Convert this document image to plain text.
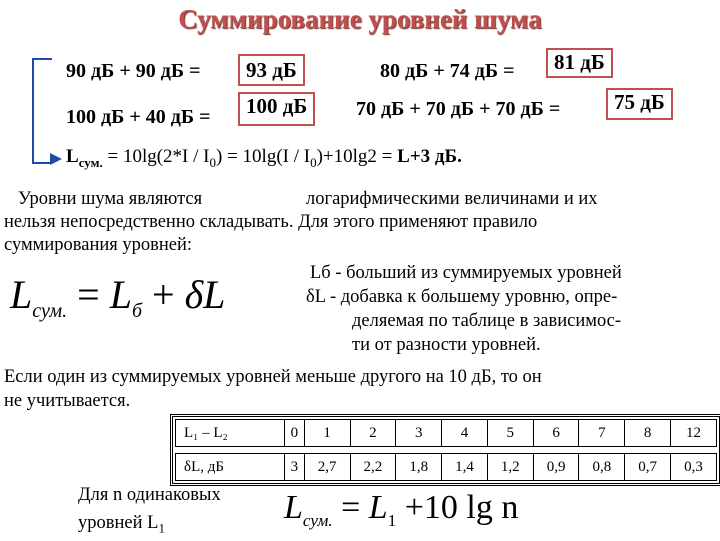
Суммирование уровней шума
90 дБ + 90 дБ =	93 дБ
100 дБ + 40 дБ =	100 дБ
80 дБ + 74 дБ =	81 дБ
70 дБ + 70 дБ + 70 дБ =	75 дБ
$L_{сум.} = 10\lg(2*I / I_0) = 10\lg(I / I_0)+10\lg 2 = L+3$ дБ.
Уровни шума являются	логарифмическими величинами и их
нельзя непосредственно складывать. Для этого применяют правило
суммирования уровней:
$L_{сум.} = L_б + \delta L$	Lб - больший из суммируемых уровней
δL - добавка к большему уровню, опре-
деляемая по таблице в зависимос-
ти от разности уровней.
Если один из суммируемых уровней меньше другого на 10 дБ, то он
не учитывается.
L₁ – L₂	0	1	2	3	4	5	6	7	8	12

δL, дБ	3	2,7	2,2	1,8	1,4	1,2	0,9	0,8	0,7	0,3
Для n одинаковых
уровней $L_1$
$L_{сум.} = L_1 +10$ lg n
